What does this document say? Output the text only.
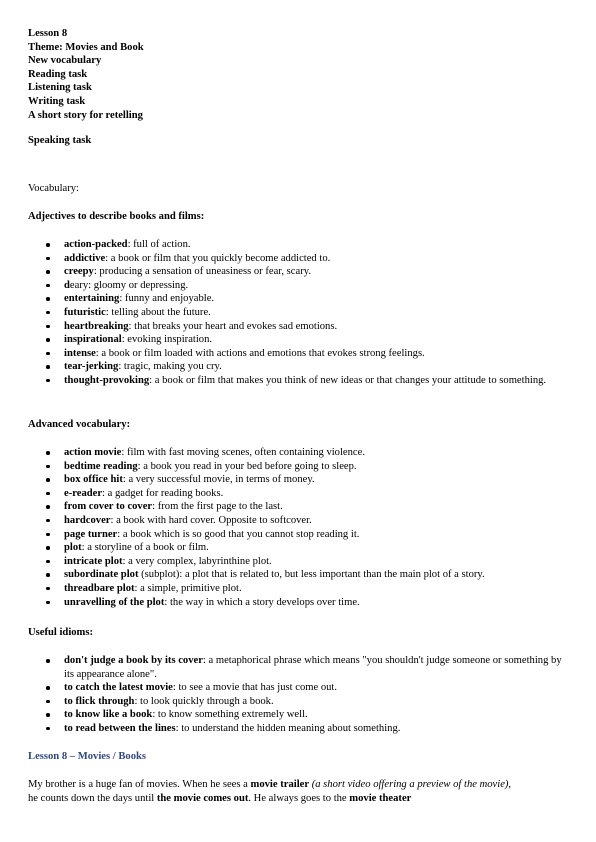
Lesson 8
Theme: Movies and Book
New vocabulary
Reading task
Listening task
Writing task
A short story for retelling
Speaking task
Vocabulary:
Adjectives to describe books and films:
action-packed: full of action.
addictive: a book or film that you quickly become addicted to.
creepy: producing a sensation of uneasiness or fear, scary.
deary: gloomy or depressing.
entertaining: funny and enjoyable.
futuristic: telling about the future.
heartbreaking: that breaks your heart and evokes sad emotions.
inspirational: evoking inspiration.
intense: a book or film loaded with actions and emotions that evokes strong feelings.
tear-jerking: tragic, making you cry.
thought-provoking: a book or film that makes you think of new ideas or that changes your attitude to something.
Advanced vocabulary:
action movie: film with fast moving scenes, often containing violence.
bedtime reading: a book you read in your bed before going to sleep.
box office hit: a very successful movie, in terms of money.
e-reader: a gadget for reading books.
from cover to cover: from the first page to the last.
hardcover: a book with hard cover. Opposite to softcover.
page turner: a book which is so good that you cannot stop reading it.
plot: a storyline of a book or film.
intricate plot: a very complex, labyrinthine plot.
subordinate plot (subplot): a plot that is related to, but less important than the main plot of a story.
threadbare plot: a simple, primitive plot.
unravelling of the plot: the way in which a story develops over time.
Useful idioms:
don't judge a book by its cover: a metaphorical phrase which means "you shouldn't judge someone or something by its appearance alone".
to catch the latest movie: to see a movie that has just come out.
to flick through: to look quickly through a book.
to know like a book: to know something extremely well.
to read between the lines: to understand the hidden meaning about something.
Lesson 8 – Movies / Books
My brother is a huge fan of movies. When he sees a movie trailer (a short video offering a preview of the movie), he counts down the days until the movie comes out. He always goes to the movie theater
